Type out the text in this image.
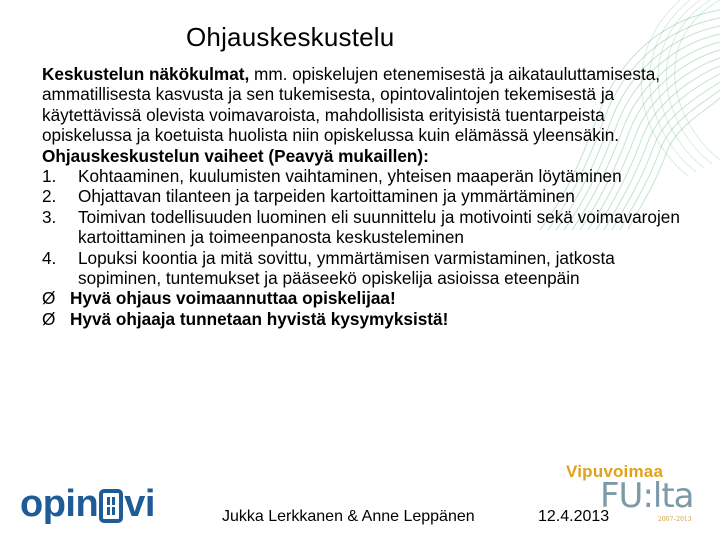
Ohjauskeskustelu

Keskustelun näkökulmat, mm. opiskelujen etenemisestä ja aikatauluttamisesta, ammatillisesta kasvusta ja sen tukemisesta, opintovalintojen tekemisestä ja käytettävissä olevista voimavaroista, mahdollisista erityisistä tuentarpeista opiskelussa ja koetuista huolista niin opiskelussa kuin elämässä yleensäkin.

Ohjauskeskustelun vaiheet (Peavyä mukaillen):

1. Kohtaaminen, kuulumisten vaihtaminen, yhteisen maaperän löytäminen
2. Ohjattavan tilanteen ja tarpeiden kartoittaminen ja ymmärtäminen
3. Toimivan todellisuuden luominen eli suunnittelu ja motivointi sekä voimavarojen kartoittaminen ja toimeenpanosta keskusteleminen
4. Lopuksi koontia ja mitä sovittu, ymmärtämisen varmistaminen, jatkosta sopiminen, tuntemukset ja pääseekö opiskelija asioissa eteenpäin
Ø Hyvä ohjaus voimaannuttaa opiskelijaa!
Ø Hyvä ohjaaja tunnetaan hyvistä kysymyksistä!
opin vi	Jukka Lerkkanen & Anne Leppänen	12.4.2013
Vipuvoimaa
FU:lta
2007–2013
